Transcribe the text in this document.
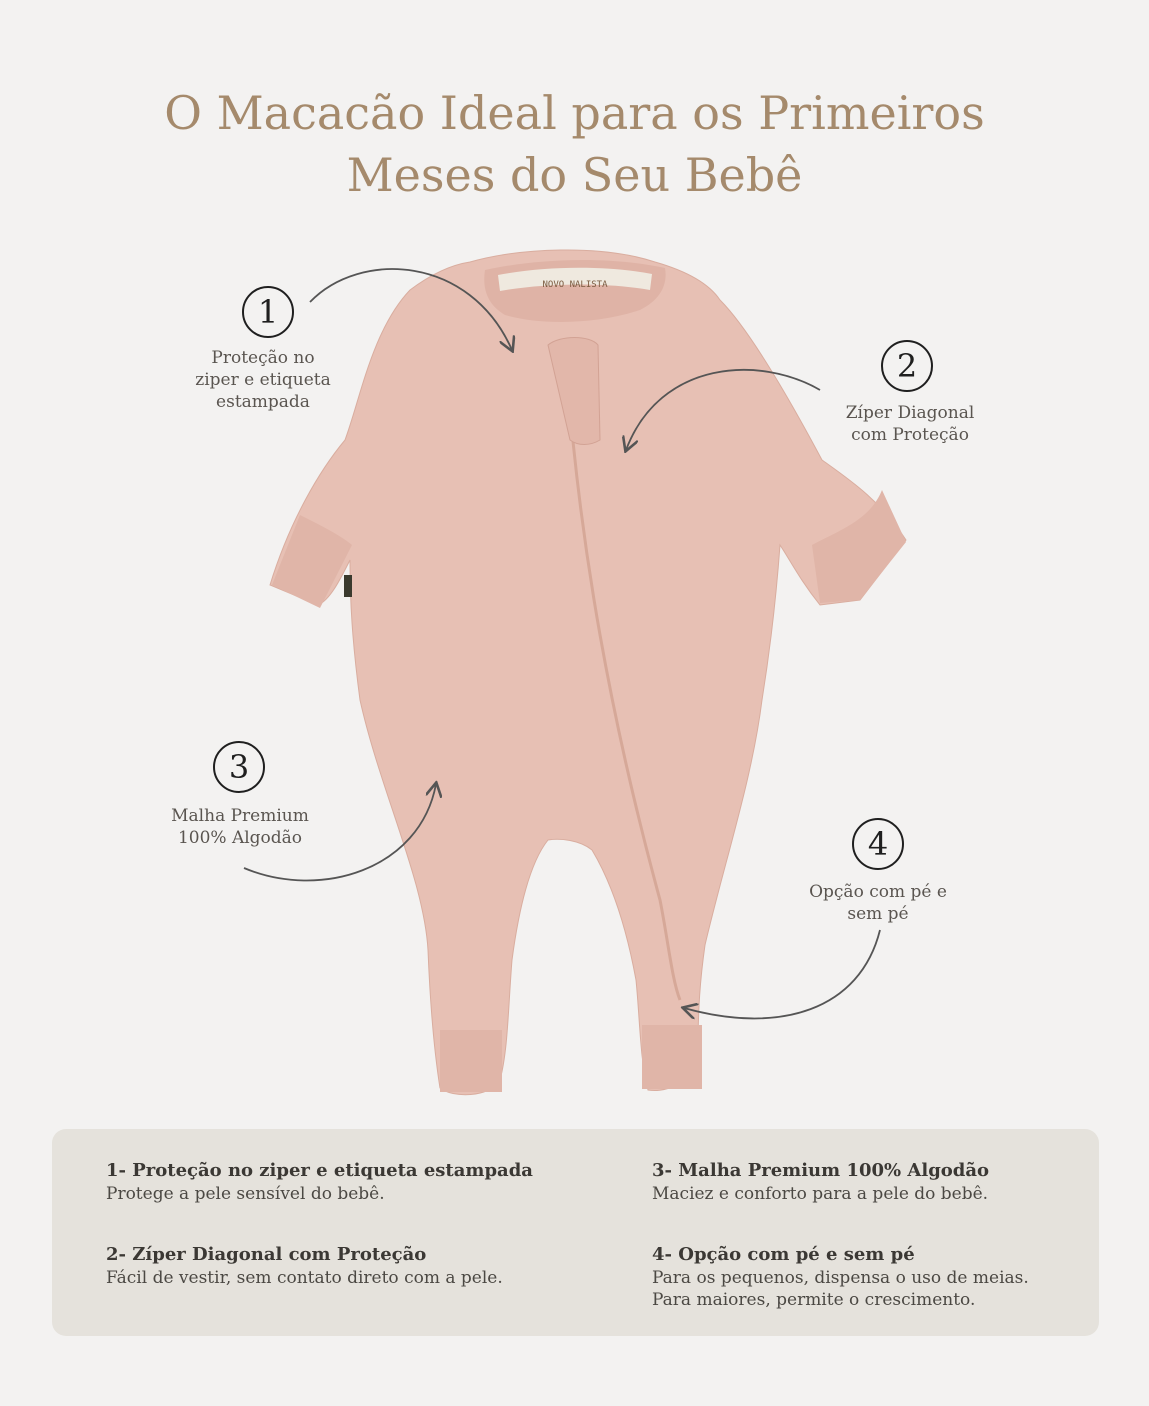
O Macacão Ideal para os Primeiros
Meses do Seu Bebê
NOVO NALISTA
1
Proteção no
ziper e etiqueta
estampada
2
Zíper Diagonal
com Proteção
3
Malha Premium
100% Algodão	4
Opção com pé e
sem pé
1- Proteção no ziper e etiqueta estampada
Protege a pele sensível do bebê.
2- Zíper Diagonal com Proteção
Fácil de vestir, sem contato direto com a pele.
3- Malha Premium 100% Algodão
Maciez e conforto para a pele do bebê.
4- Opção com pé e sem pé
Para os pequenos, dispensa o uso de meias.
Para maiores, permite o crescimento.
